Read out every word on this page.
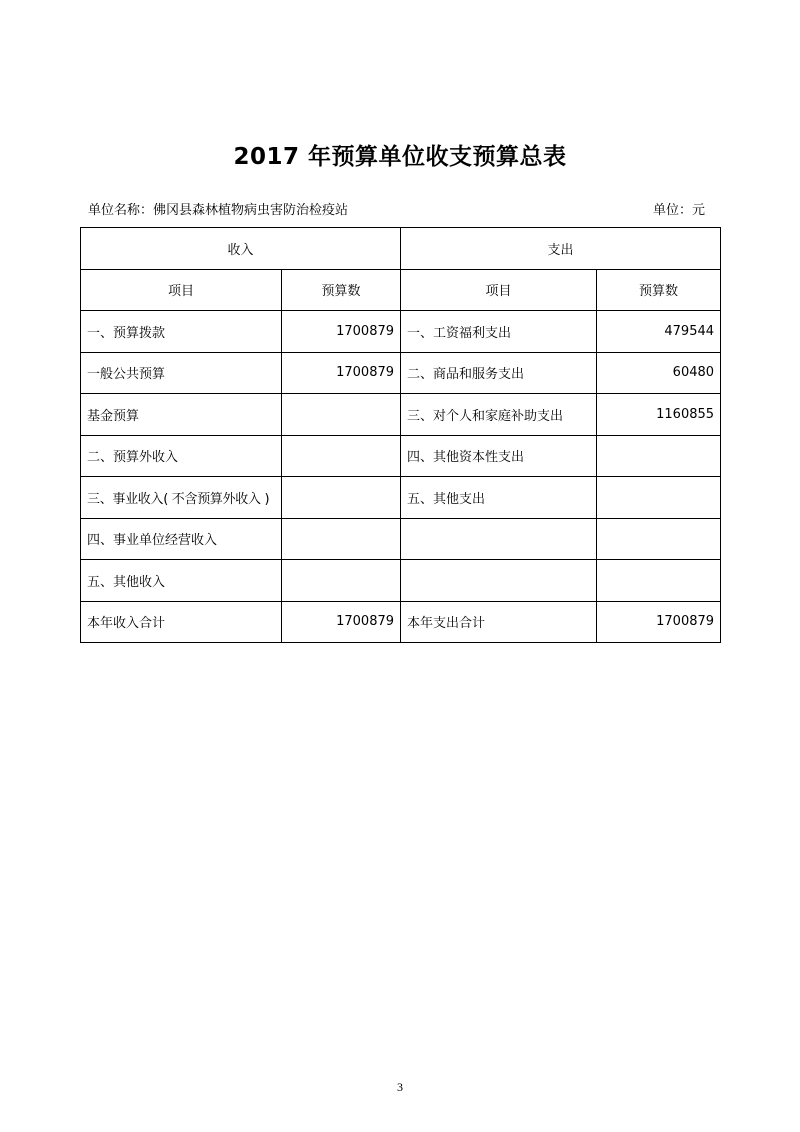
2017 年预算单位收支预算总表
单位名称：佛冈县森林植物病虫害防治检疫站	单位：元
收入		支出	
项目	预算数	项目	预算数
一、预算拨款	1700879	一、工资福利支出	479544
一般公共预算	1700879	二、商品和服务支出	60480
基金预算		三、对个人和家庭补助支出	1160855
二、预算外收入		四、其他资本性支出	
三、事业收入( 不含预算外收入 )		五、其他支出	
四、事业单位经营收入			
五、其他收入			
本年收入合计	1700879	本年支出合计	1700879
3
